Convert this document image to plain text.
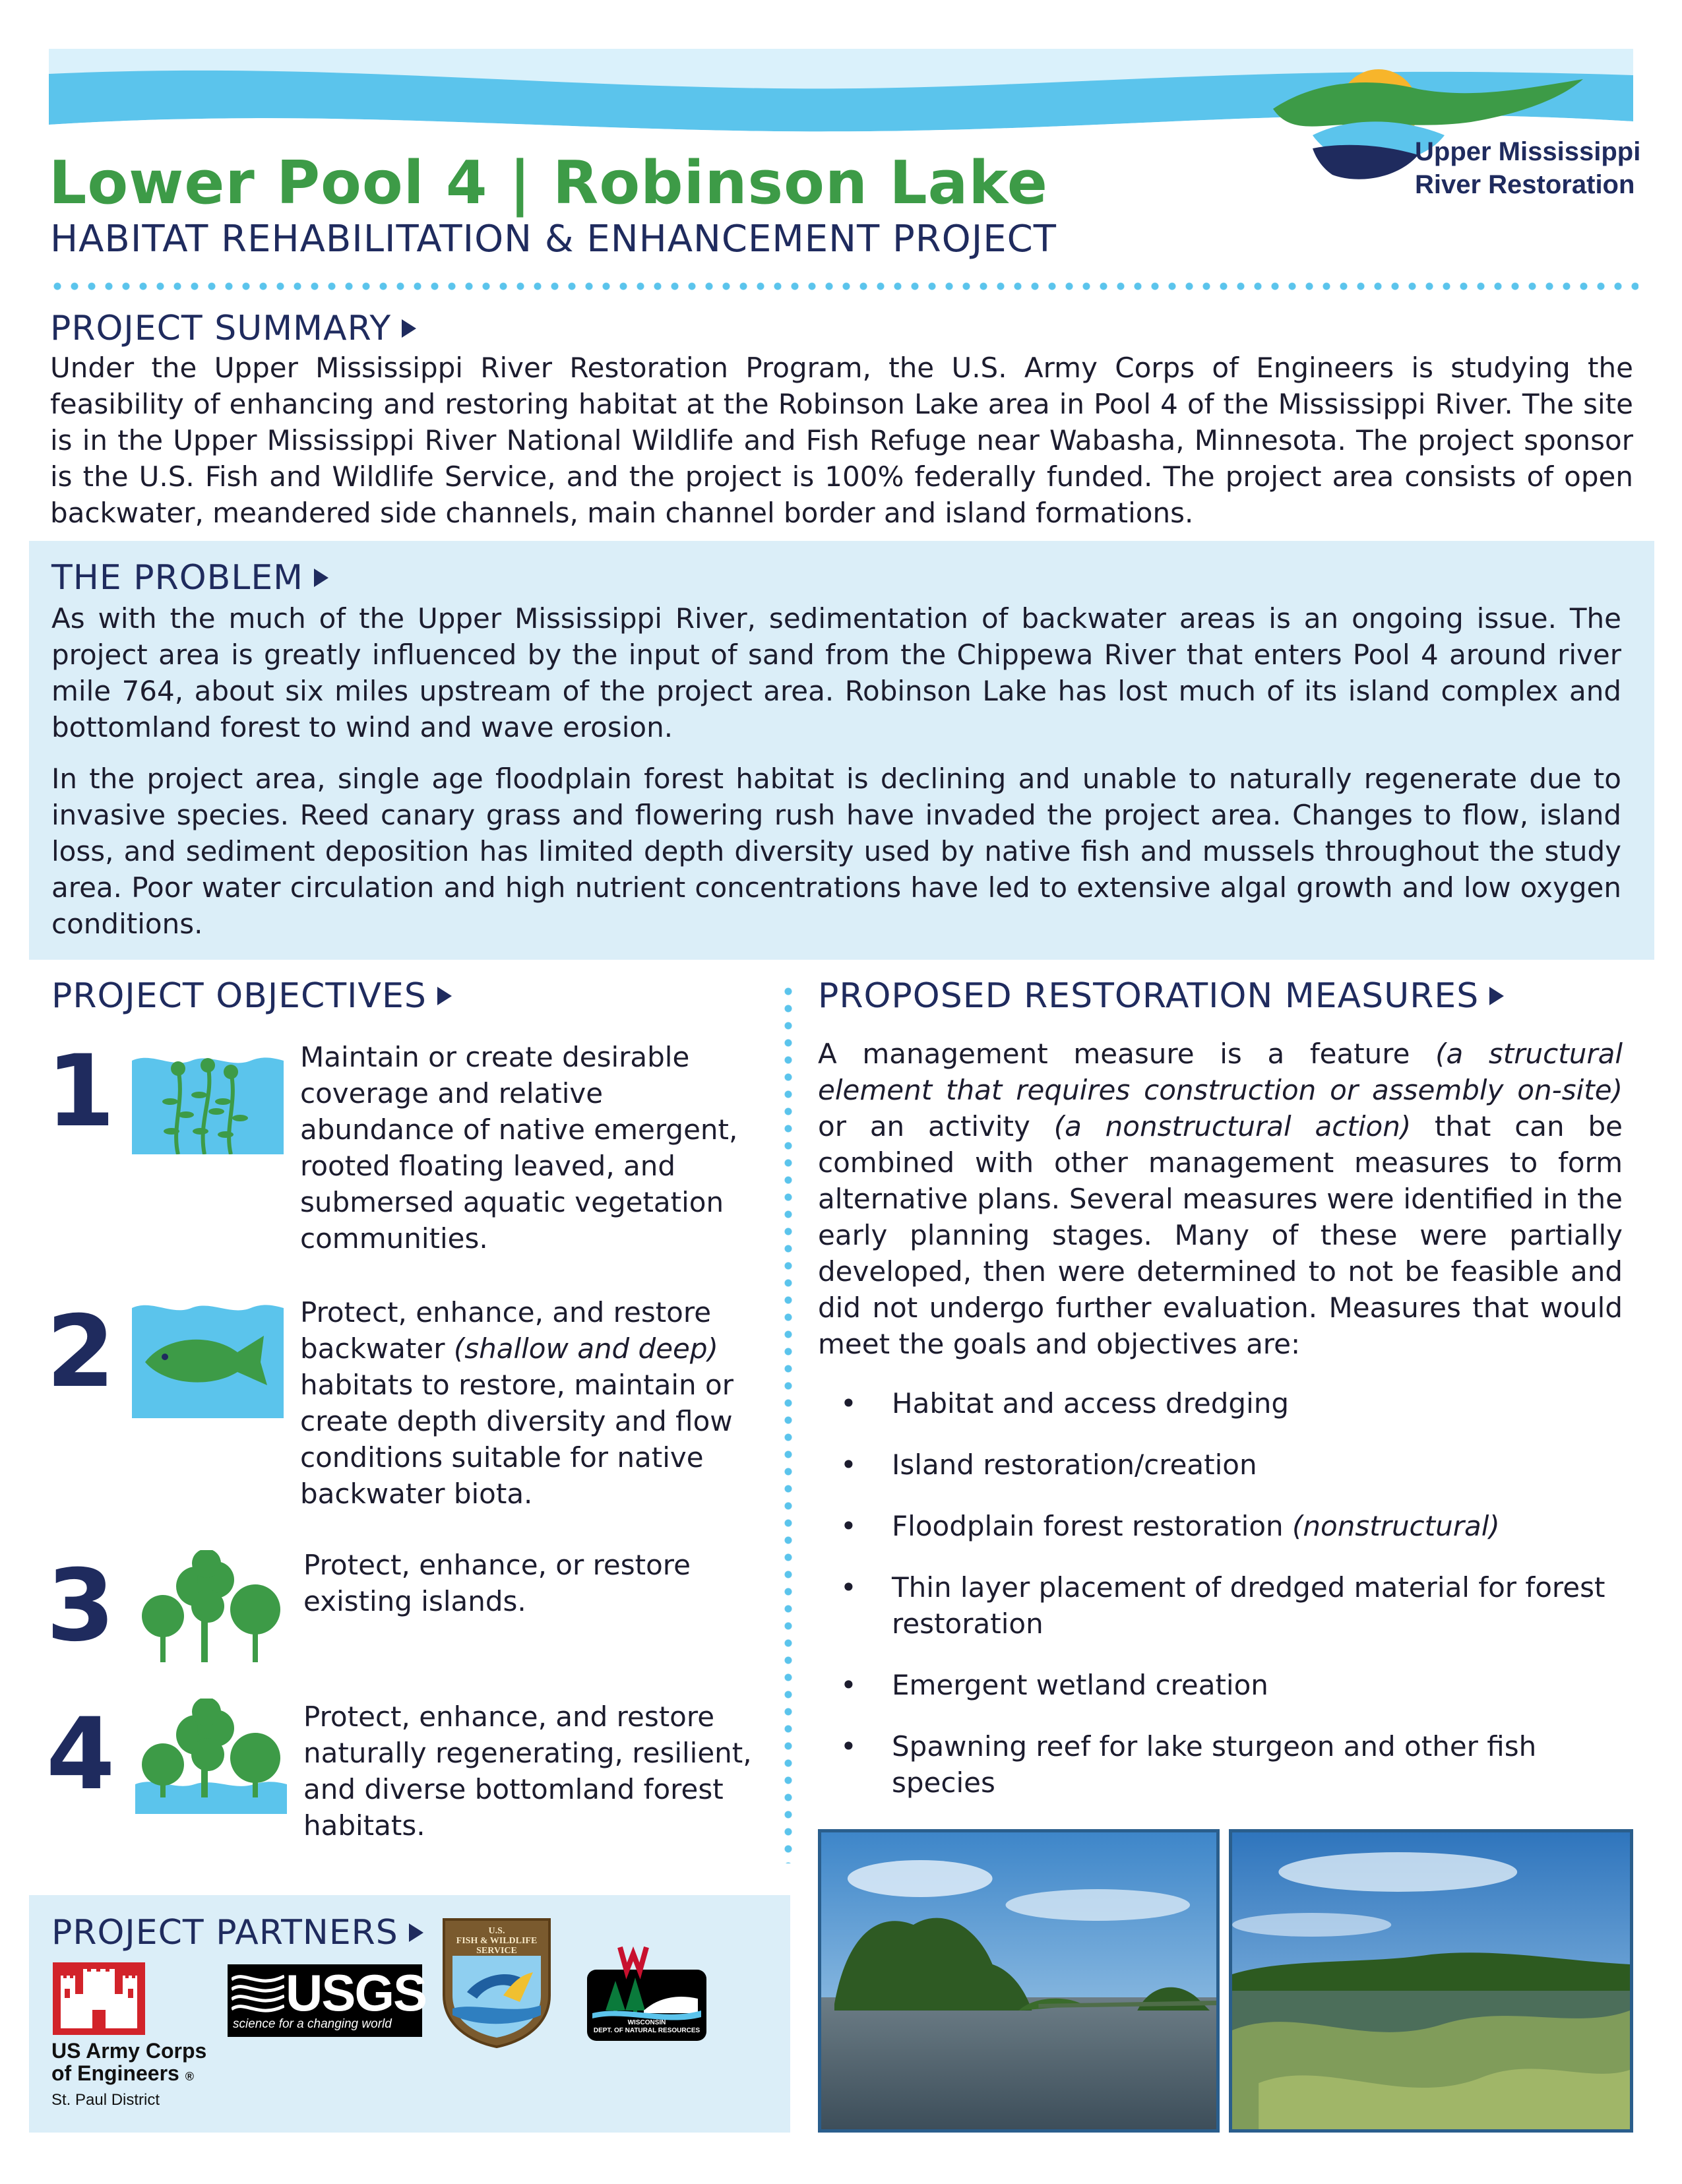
Upper Mississippi
River Restoration
Lower Pool 4 | Robinson Lake
HABITAT REHABILITATION & ENHANCEMENT PROJECT
PROJECT SUMMARY
Under the Upper Mississippi River Restoration Program, the U.S. Army Corps of Engineers is studying the feasibility of enhancing and restoring habitat at the Robinson Lake area in Pool 4 of the Mississippi River. The site is in the Upper Mississippi River National Wildlife and Fish Refuge near Wabasha, Minnesota. The project sponsor is the U.S. Fish and Wildlife Service, and the project is 100% federally funded. The project area consists of open backwater, meandered side channels, main channel border and island formations.
THE PROBLEM
As with the much of the Upper Mississippi River, sedimentation of backwater areas is an ongoing issue. The project area is greatly influenced by the input of sand from the Chippewa River that enters Pool 4 around river mile 764, about six miles upstream of the project area. Robinson Lake has lost much of its island complex and bottomland forest to wind and wave erosion.
In the project area, single age floodplain forest habitat is declining and unable to naturally regenerate due to invasive species. Reed canary grass and flowering rush have invaded the project area. Changes to flow, island loss, and sediment deposition has limited depth diversity used by native fish and mussels throughout the study area. Poor water circulation and high nutrient concentrations have led to extensive algal growth and low oxygen conditions.
PROJECT OBJECTIVES
1	Maintain or create desirable coverage and relative abundance of native emergent, rooted floating leaved, and submersed aquatic vegetation communities.
2	Protect, enhance, and restore backwater (shallow and deep) habitats to restore, maintain or create depth diversity and flow conditions suitable for native backwater biota.
3	Protect, enhance, or restore existing islands.
4	Protect, enhance, and restore naturally regenerating, resilient, and diverse bottomland forest habitats.
PROPOSED RESTORATION MEASURES
A management measure is a feature (a structural element that requires construction or assembly on-site) or an activity (a nonstructural action) that can be combined with other management measures to form alternative plans. Several measures were identified in the early planning stages. Many of these were partially developed, then were determined to not be feasible and did not undergo further evaluation. Measures that would meet the goals and objectives are:
• Habitat and access dredging
• Island restoration/creation
• Floodplain forest restoration (nonstructural)
• Thin layer placement of dredged material for forest restoration
• Emergent wetland creation
• Spawning reef for lake sturgeon and other fish species
PROJECT PARTNERS
US Army Corps
of Engineers ®
St. Paul District
USGS
science for a changing world
U.S.
FISH & WILDLIFE
SERVICE
WISCONSIN
DEPT. OF NATURAL RESOURCES
